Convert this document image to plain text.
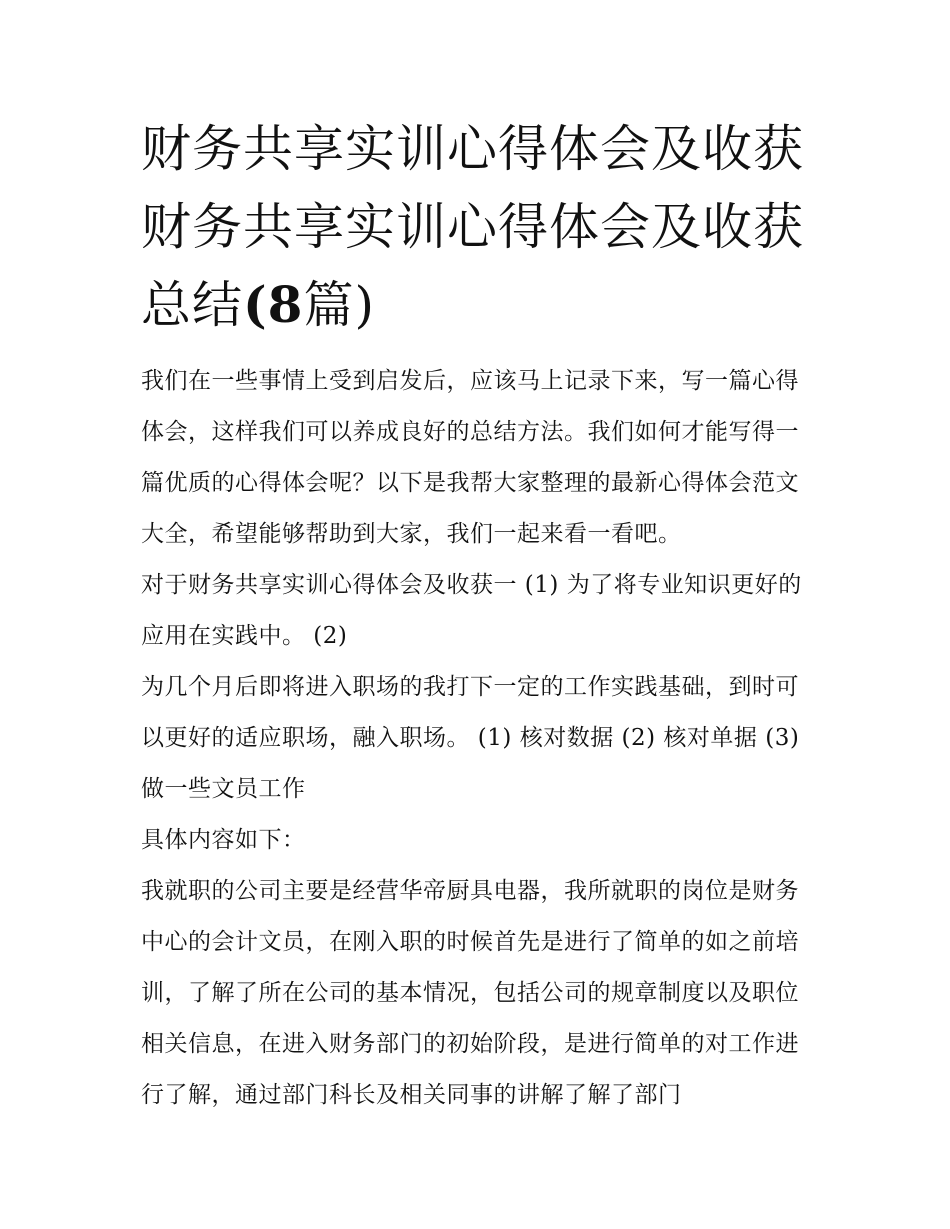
财务共享实训心得体会及收获
财务共享实训心得体会及收获
总结(8篇)

我们在一些事情上受到启发后，应该马上记录下来，写一篇心得体会，这样我们可以养成良好的总结方法。我们如何才能写得一篇优质的心得体会呢？以下是我帮大家整理的最新心得体会范文大全，希望能够帮助到大家，我们一起来看一看吧。

对于财务共享实训心得体会及收获一 (1) 为了将专业知识更好的应用在实践中。 (2)

为几个月后即将进入职场的我打下一定的工作实践基础，到时可以更好的适应职场，融入职场。 (1) 核对数据 (2) 核对单据 (3) 做一些文员工作

具体内容如下：

我就职的公司主要是经营华帝厨具电器，我所就职的岗位是财务中心的会计文员，在刚入职的时候首先是进行了简单的如之前培训，了解了所在公司的基本情况，包括公司的规章制度以及职位相关信息，在进入财务部门的初始阶段，是进行简单的对工作进行了解，通过部门科长及相关同事的讲解了解了部门
